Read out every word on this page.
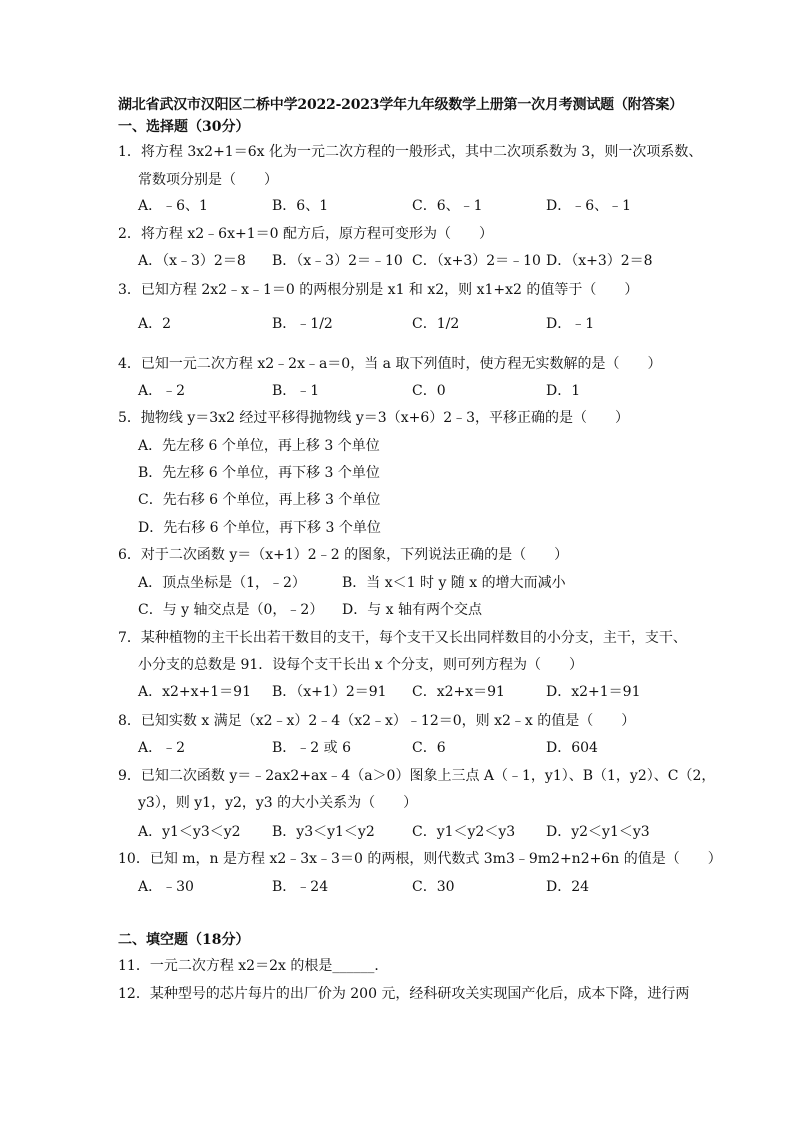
湖北省武汉市汉阳区二桥中学2022-2023学年九年级数学上册第一次月考测试题（附答案）
一、选择题（30分）
1．将方程 3x2+1＝6x 化为一元二次方程的一般形式，其中二次项系数为 3，则一次项系数、
常数项分别是（　　）
A．﹣6、1	B．6、1	C．6、﹣1	D．﹣6、﹣1
2．将方程 x2﹣6x+1＝0 配方后，原方程可变形为（　　）
A．（x﹣3）2＝8 B．（x﹣3）2＝﹣10 C．（x+3）2＝﹣10 D．（x+3）2＝8
3．已知方程 2x2﹣x﹣1＝0 的两根分别是 x1 和 x2，则 x1+x2 的值等于（　　）
A．2	B．﹣1/2	C．1/2	D．﹣1
4．已知一元二次方程 x2﹣2x﹣a＝0，当 a 取下列值时，使方程无实数解的是（　　）
A．﹣2	B．﹣1	C．0	D．1
5．抛物线 y＝3x2 经过平移得抛物线 y＝3（x+6）2﹣3，平移正确的是（　　）
A．先左移 6 个单位，再上移 3 个单位
B．先左移 6 个单位，再下移 3 个单位
C．先右移 6 个单位，再上移 3 个单位
D．先右移 6 个单位，再下移 3 个单位
6．对于二次函数 y＝（x+1）2﹣2 的图象，下列说法正确的是（　　）
A．顶点坐标是（1，﹣2）	B．当 x＜1 时 y 随 x 的增大而减小
C．与 y 轴交点是（0，﹣2） D．与 x 轴有两个交点
7．某种植物的主干长出若干数目的支干，每个支干又长出同样数目的小分支，主干，支干、
小分支的总数是 91．设每个支干长出 x 个分支，则可列方程为（　　）
A．x2+x+1＝91 B．（x+1）2＝91 C．x2+x＝91	D．x2+1＝91
8．已知实数 x 满足（x2﹣x）2﹣4（x2﹣x）﹣12＝0，则 x2﹣x 的值是（　　）
A．﹣2	B．﹣2 或 6	C．6	D．604
9．已知二次函数 y＝﹣2ax2+ax﹣4（a＞0）图象上三点 A（﹣1，y1）、B（1，y2）、C（2，
y3），则 y1，y2，y3 的大小关系为（　　）
A．y1＜y3＜y2 B．y3＜y1＜y2	C．y1＜y2＜y3 D．y2＜y1＜y3
10．已知 m，n 是方程 x2﹣3x﹣3＝0 的两根，则代数式 3m3﹣9m2+n2+6n 的值是（　　）
A．﹣30	B．﹣24	C．30	D．24
二、填空题（18分）
11．一元二次方程 x2＝2x 的根是______．
12．某种型号的芯片每片的出厂价为 200 元，经科研攻关实现国产化后，成本下降，进行两
